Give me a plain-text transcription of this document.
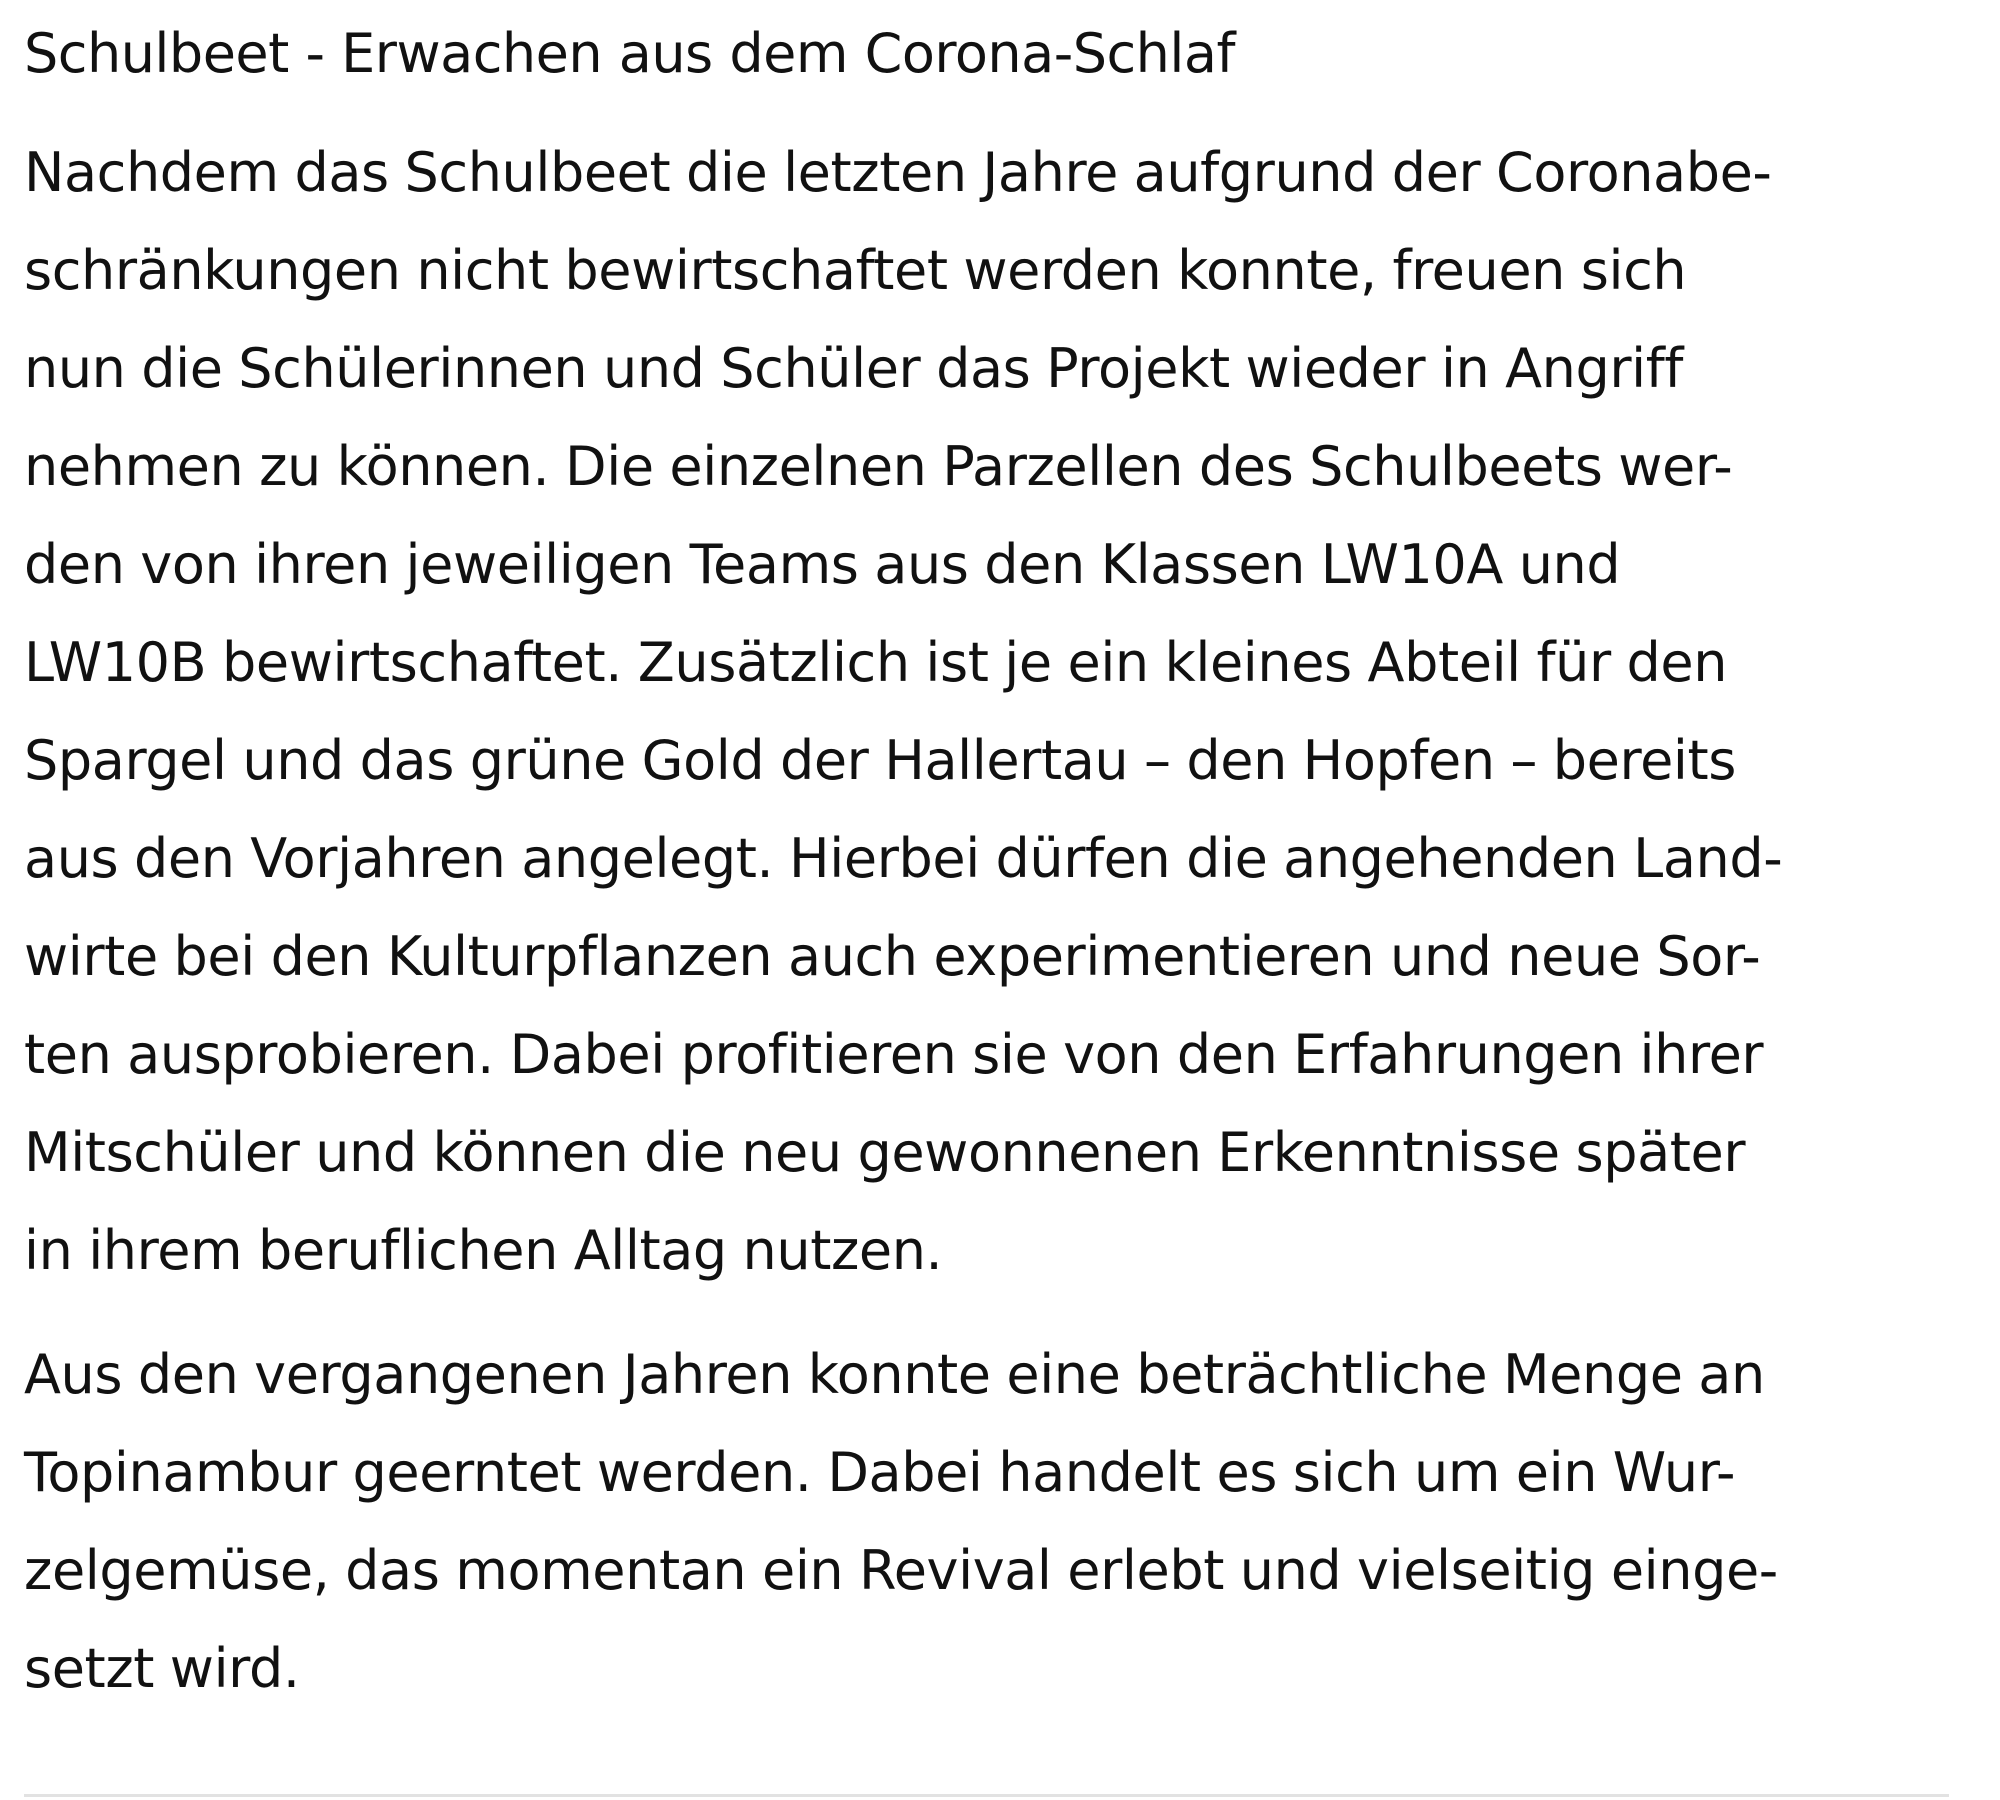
Schulbeet - Erwachen aus dem Corona-Schlaf

Nachdem das Schulbeet die letzten Jahre aufgrund der Coronabe-
schränkungen nicht bewirtschaftet werden konnte, freuen sich
nun die Schülerinnen und Schüler das Projekt wieder in Angriff
nehmen zu können. Die einzelnen Parzellen des Schulbeets wer-
den von ihren jeweiligen Teams aus den Klassen LW10A und
LW10B bewirtschaftet. Zusätzlich ist je ein kleines Abteil für den
Spargel und das grüne Gold der Hallertau – den Hopfen – bereits
aus den Vorjahren angelegt. Hierbei dürfen die angehenden Land-
wirte bei den Kulturpflanzen auch experimentieren und neue Sor-
ten ausprobieren. Dabei profitieren sie von den Erfahrungen ihrer
Mitschüler und können die neu gewonnenen Erkenntnisse später
in ihrem beruflichen Alltag nutzen.

Aus den vergangenen Jahren konnte eine beträchtliche Menge an
Topinambur geerntet werden. Dabei handelt es sich um ein Wur-
zelgemüse, das momentan ein Revival erlebt und vielseitig einge-
setzt wird.
